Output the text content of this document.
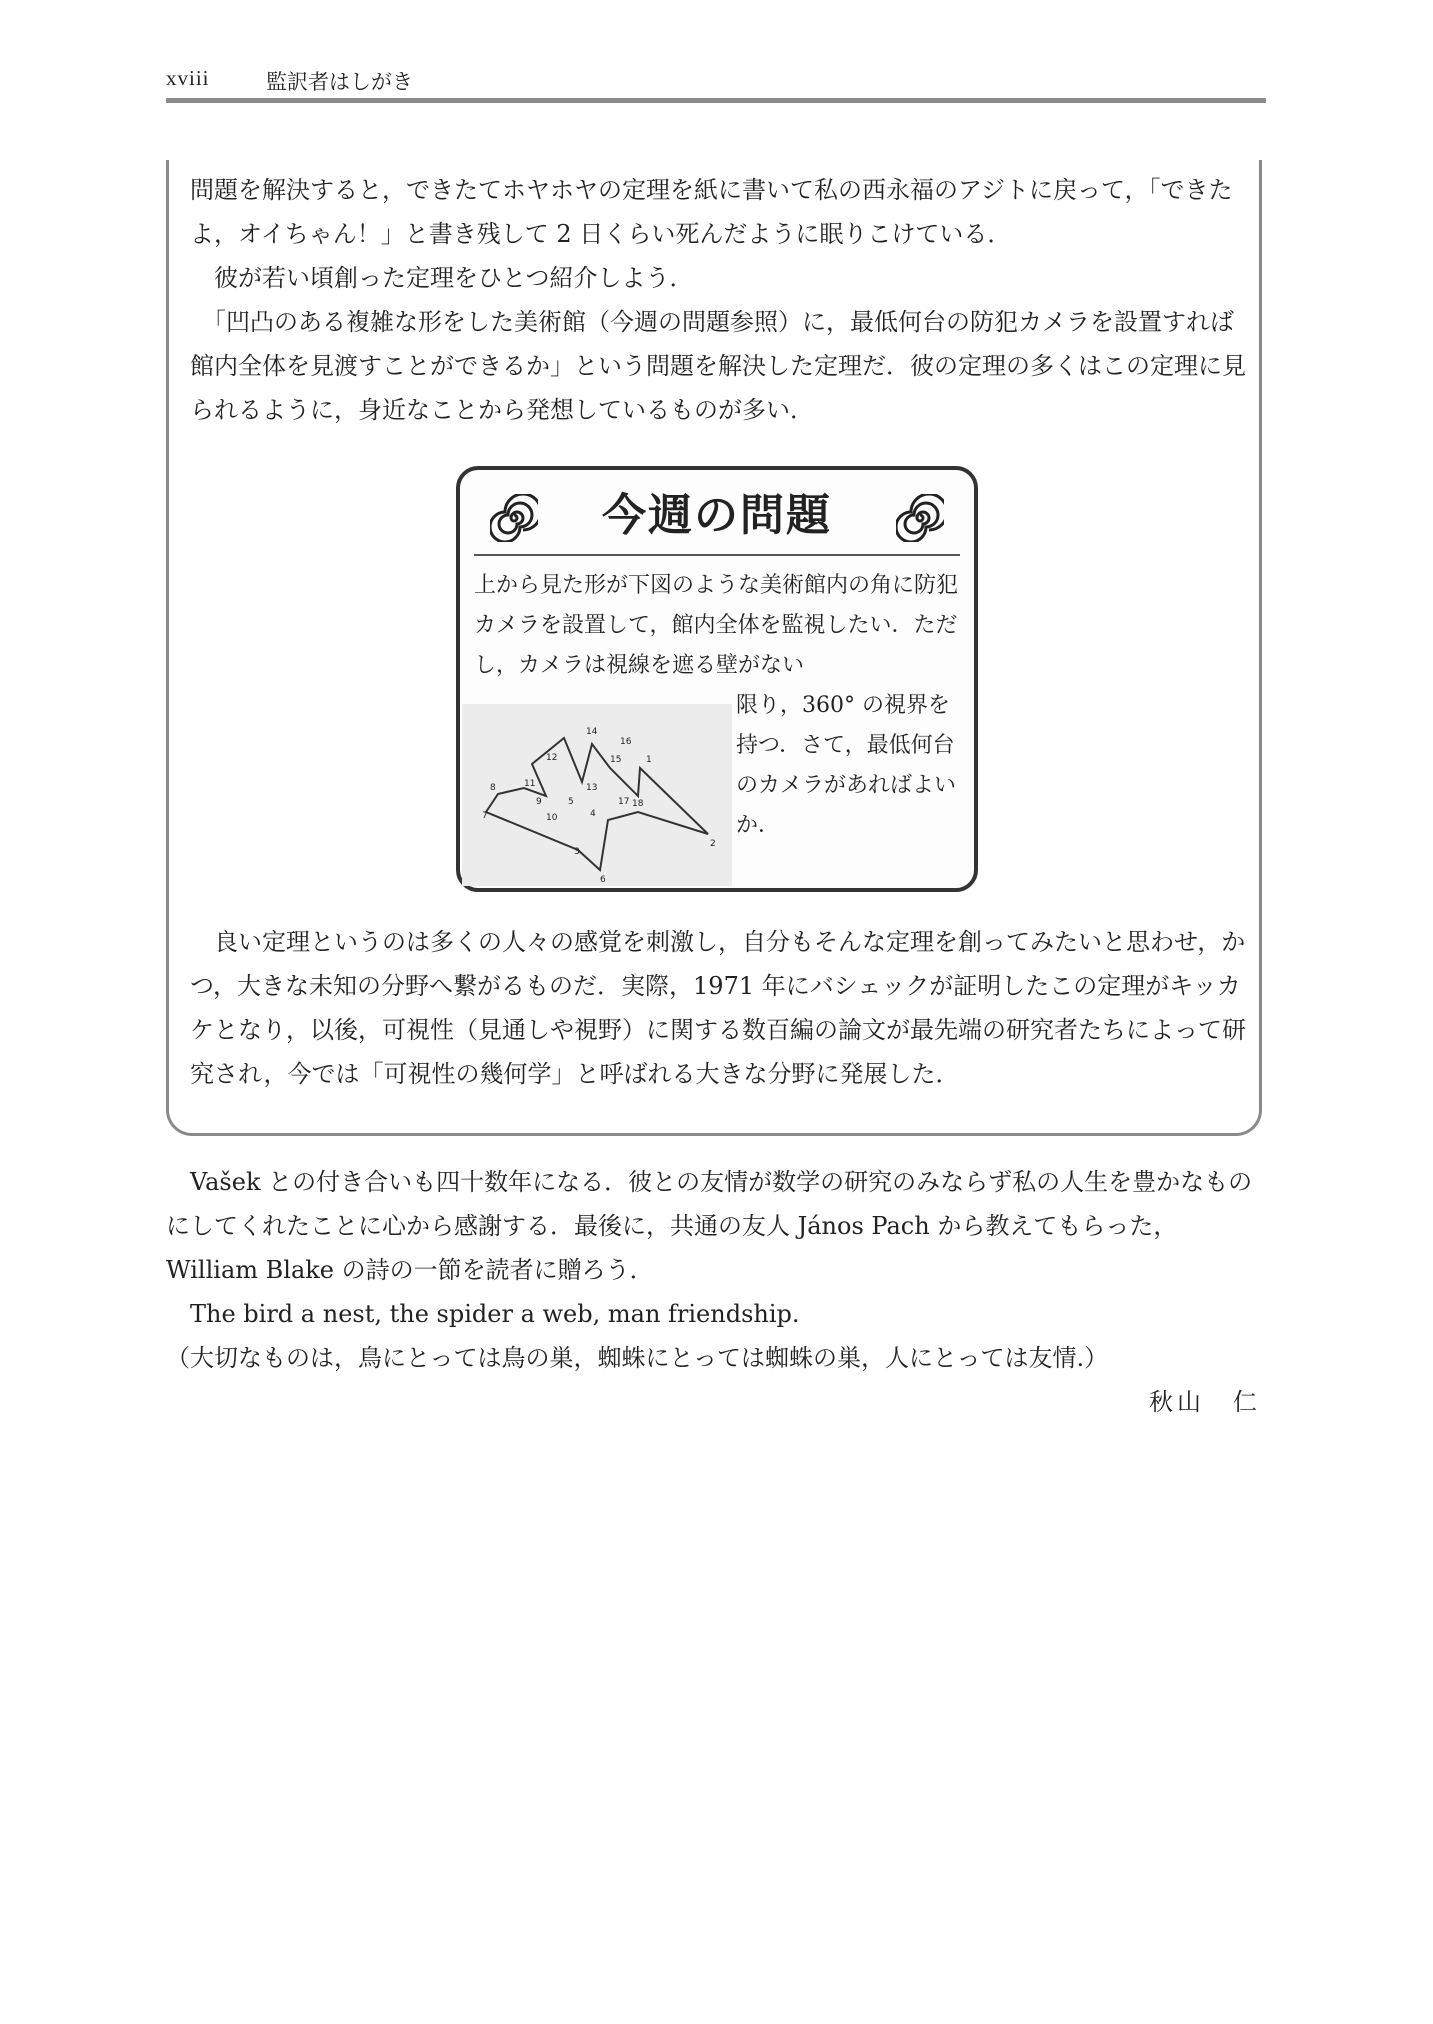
xviii	監訳者はしがき

問題を解決すると，できたてホヤホヤの定理を紙に書いて私の西永福のアジトに戻って，「できたよ，オイちゃん！」と書き残して 2 日くらい死んだように眠りこけている．

　彼が若い頃創った定理をひとつ紹介しよう．

　「凹凸のある複雑な形をした美術館（今週の問題参照）に，最低何台の防犯カメラを設置すれば館内全体を見渡すことができるか」という問題を解決した定理だ．彼の定理の多くはこの定理に見られるように，身近なことから発想しているものが多い．

今週の問題

上から見た形が下図のような美術館内の角に防犯カメラを設置して，館内全体を監視したい．ただし，カメラは視線を遮る壁がない

限り，360° の視界を持つ．さて，最低何台のカメラがあればよいか．

1
2
3
4
5
6
7
8
9
10
11
12
13
14
15
16
17 18

　良い定理というのは多くの人々の感覚を刺激し，自分もそんな定理を創ってみたいと思わせ，かつ，大きな未知の分野へ繋がるものだ．実際，1971 年にバシェックが証明したこの定理がキッカケとなり，以後，可視性（見通しや視野）に関する数百編の論文が最先端の研究者たちによって研究され，今では「可視性の幾何学」と呼ばれる大きな分野に発展した．

　Vašek との付き合いも四十数年になる．彼との友情が数学の研究のみならず私の人生を豊かなものにしてくれたことに心から感謝する．最後に，共通の友人 János Pach から教えてもらった，William Blake の詩の一節を読者に贈ろう．

　The bird a nest, the spider a web, man friendship.

（大切なものは，鳥にとっては鳥の巣，蜘蛛にとっては蜘蛛の巣，人にとっては友情.）

秋山　仁
